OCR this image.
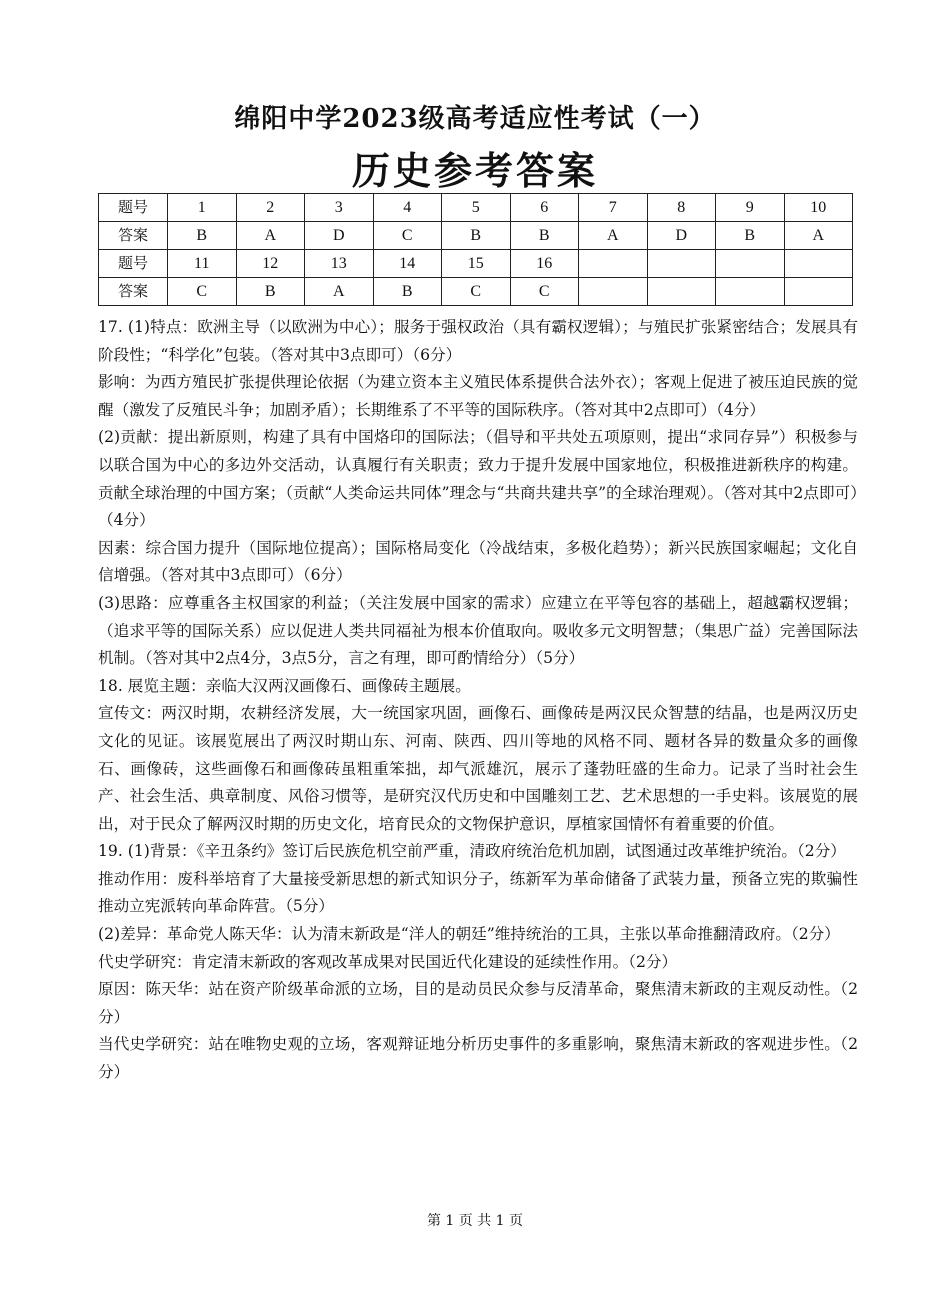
绵阳中学2023级高考适应性考试（一）
历史参考答案
题号	1	2	3	4	5	6	7	8	9	10
答案	B	A	D	C	B	B	A	D	B	A
题号	11	12	13	14	15	16				
答案	C	B	A	B	C	C				

17. (1)特点：欧洲主导（以欧洲为中心）；服务于强权政治（具有霸权逻辑）；与殖民扩张紧密结合；发展具有阶段性；“科学化”包装。（答对其中3点即可）（6分）

影响：为西方殖民扩张提供理论依据（为建立资本主义殖民体系提供合法外衣）；客观上促进了被压迫民族的觉醒（激发了反殖民斗争；加剧矛盾）；长期维系了不平等的国际秩序。（答对其中2点即可）（4分）

(2)贡献：提出新原则，构建了具有中国烙印的国际法；（倡导和平共处五项原则，提出“求同存异”）积极参与以联合国为中心的多边外交活动，认真履行有关职责；致力于提升发展中国家地位，积极推进新秩序的构建。贡献全球治理的中国方案；（贡献“人类命运共同体”理念与“共商共建共享”的全球治理观）。（答对其中2点即可）（4分）

因素：综合国力提升（国际地位提高）；国际格局变化（冷战结束，多极化趋势）；新兴民族国家崛起；文化自信增强。（答对其中3点即可）（6分）

(3)思路：应尊重各主权国家的利益；（关注发展中国家的需求）应建立在平等包容的基础上，超越霸权逻辑；（追求平等的国际关系）应以促进人类共同福祉为根本价值取向。吸收多元文明智慧；（集思广益）完善国际法机制。（答对其中2点4分，3点5分，言之有理，即可酌情给分）（5分）

18. 展览主题：亲临大汉两汉画像石、画像砖主题展。

宣传文：两汉时期，农耕经济发展，大一统国家巩固，画像石、画像砖是两汉民众智慧的结晶，也是两汉历史文化的见证。该展览展出了两汉时期山东、河南、陕西、四川等地的风格不同、题材各异的数量众多的画像石、画像砖，这些画像石和画像砖虽粗重笨拙，却气派雄沉，展示了蓬勃旺盛的生命力。记录了当时社会生产、社会生活、典章制度、风俗习惯等，是研究汉代历史和中国雕刻工艺、艺术思想的一手史料。该展览的展出，对于民众了解两汉时期的历史文化，培育民众的文物保护意识，厚植家国情怀有着重要的价值。

19. (1)背景：《辛丑条约》签订后民族危机空前严重，清政府统治危机加剧，试图通过改革维护统治。（2分）

推动作用：废科举培育了大量接受新思想的新式知识分子，练新军为革命储备了武装力量，预备立宪的欺骗性推动立宪派转向革命阵营。（5分）

(2)差异：革命党人陈天华：认为清末新政是“洋人的朝廷”维持统治的工具，主张以革命推翻清政府。（2分）

代史学研究：肯定清末新政的客观改革成果对民国近代化建设的延续性作用。（2分）

原因：陈天华：站在资产阶级革命派的立场，目的是动员民众参与反清革命，聚焦清末新政的主观反动性。（2分）

当代史学研究：站在唯物史观的立场，客观辩证地分析历史事件的多重影响，聚焦清末新政的客观进步性。（2分）

第 1 页 共 1 页
